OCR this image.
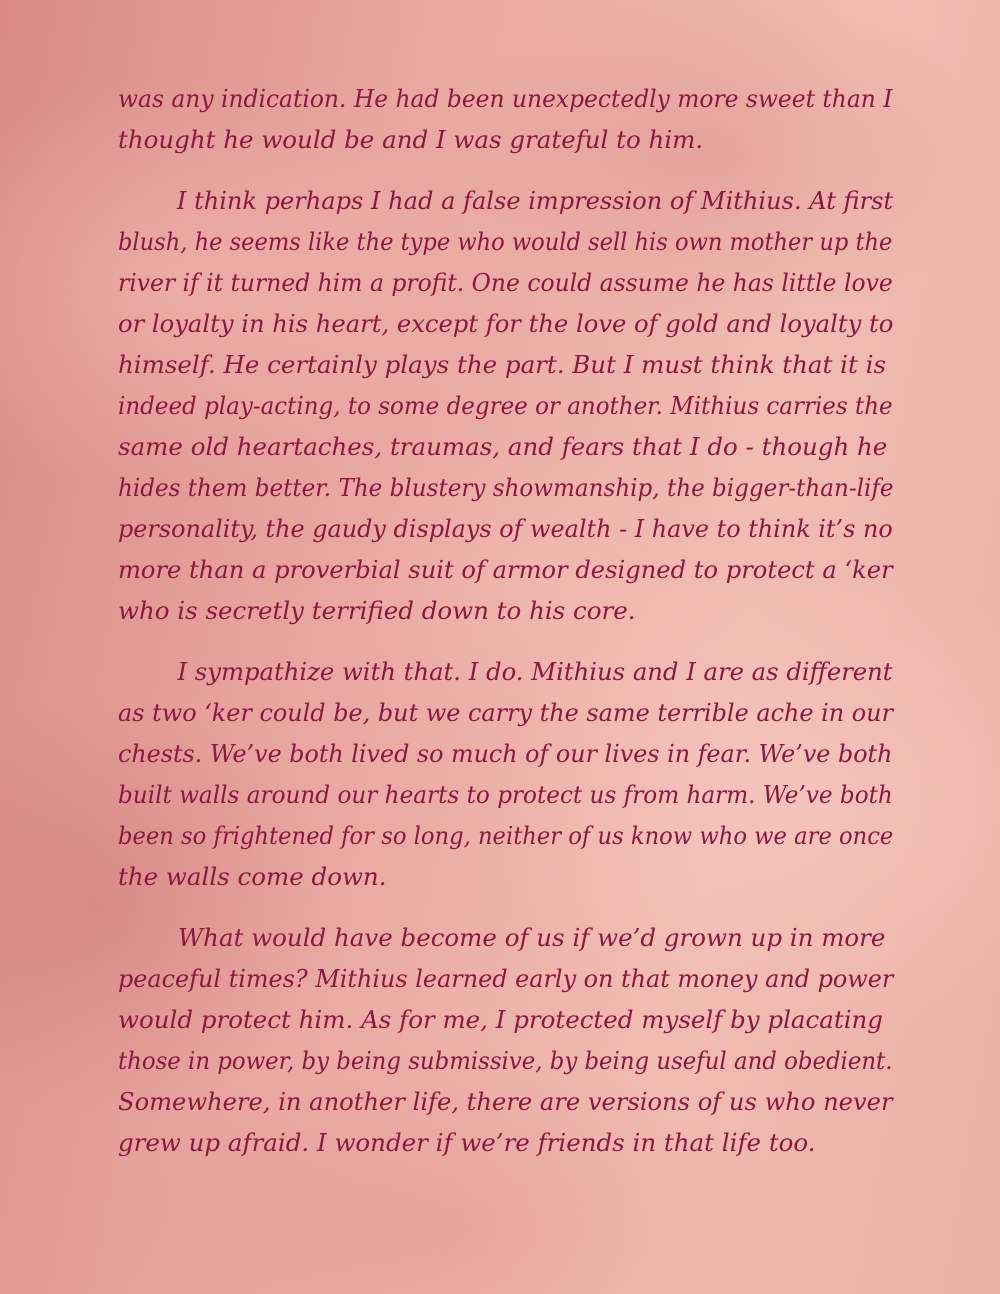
was any indication. He had been unexpectedly more sweet than I
thought he would be and I was grateful to him.
I think perhaps I had a false impression of Mithius. At first
blush, he seems like the type who would sell his own mother up the
river if it turned him a profit. One could assume he has little love
or loyalty in his heart, except for the love of gold and loyalty to
himself. He certainly plays the part. But I must think that it is
indeed play-acting, to some degree or another. Mithius carries the
same old heartaches, traumas, and fears that I do - though he
hides them better. The blustery showmanship, the bigger-than-life
personality, the gaudy displays of wealth - I have to think it’s no
more than a proverbial suit of armor designed to protect a ‘ker
who is secretly terrified down to his core.
I sympathize with that. I do. Mithius and I are as different
as two ‘ker could be, but we carry the same terrible ache in our
chests. We’ve both lived so much of our lives in fear. We’ve both
built walls around our hearts to protect us from harm. We’ve both
been so frightened for so long, neither of us know who we are once
the walls come down.
What would have become of us if we’d grown up in more
peaceful times? Mithius learned early on that money and power
would protect him. As for me, I protected myself by placating
those in power, by being submissive, by being useful and obedient.
Somewhere, in another life, there are versions of us who never
grew up afraid. I wonder if we’re friends in that life too.
